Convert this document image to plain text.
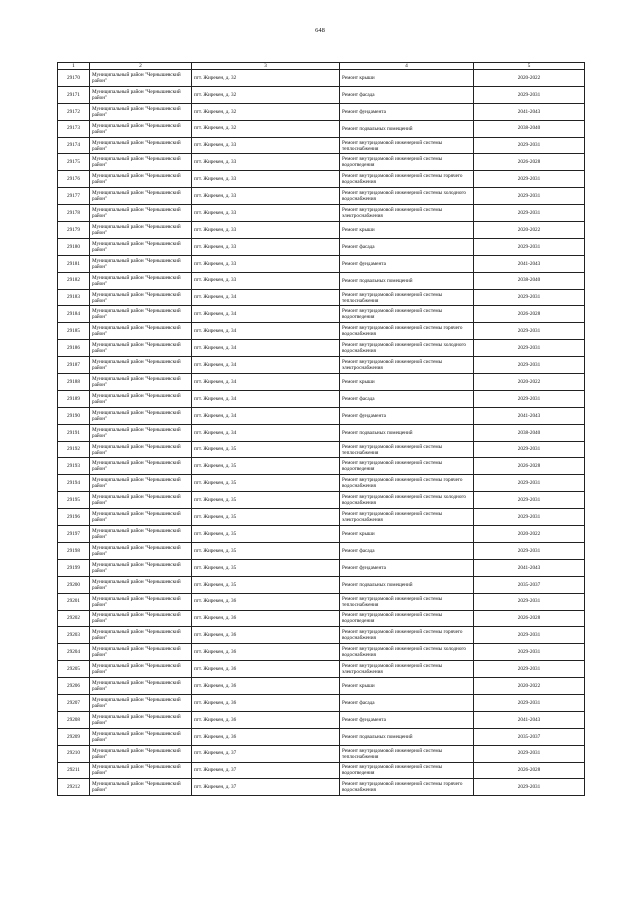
648
1	2	3	4	5
29170	Муниципальный район "Чернышевский район"	пгт. Жирекен, д. 32	Ремонт крыши	2020-2022
29171	Муниципальный район "Чернышевский район"	пгт. Жирекен, д. 32	Ремонт фасада	2029-2031
29172	Муниципальный район "Чернышевский район"	пгт. Жирекен, д. 32	Ремонт фундамента	2041-2043
29173	Муниципальный район "Чернышевский район"	пгт. Жирекен, д. 32	Ремонт подвальных помещений	2038-2040
29174	Муниципальный район "Чернышевский район"	пгт. Жирекен, д. 33	Ремонт внутридомовой инженерной системы теплоснабжения	2029-2031
29175	Муниципальный район "Чернышевский район"	пгт. Жирекен, д. 33	Ремонт внутридомовой инженерной системы водоотведения	2026-2028
29176	Муниципальный район "Чернышевский район"	пгт. Жирекен, д. 33	Ремонт внутридомовой инженерной системы горячего водоснабжения	2029-2031
29177	Муниципальный район "Чернышевский район"	пгт. Жирекен, д. 33	Ремонт внутридомовой инженерной системы холодного водоснабжения	2029-2031
29178	Муниципальный район "Чернышевский район"	пгт. Жирекен, д. 33	Ремонт внутридомовой инженерной системы электроснабжения	2029-2031
29179	Муниципальный район "Чернышевский район"	пгт. Жирекен, д. 33	Ремонт крыши	2020-2022
29180	Муниципальный район "Чернышевский район"	пгт. Жирекен, д. 33	Ремонт фасада	2029-2031
29181	Муниципальный район "Чернышевский район"	пгт. Жирекен, д. 33	Ремонт фундамента	2041-2043
29182	Муниципальный район "Чернышевский район"	пгт. Жирекен, д. 33	Ремонт подвальных помещений	2038-2040
29183	Муниципальный район "Чернышевский район"	пгт. Жирекен, д. 34	Ремонт внутридомовой инженерной системы теплоснабжения	2029-2031
29184	Муниципальный район "Чернышевский район"	пгт. Жирекен, д. 34	Ремонт внутридомовой инженерной системы водоотведения	2026-2028
29185	Муниципальный район "Чернышевский район"	пгт. Жирекен, д. 34	Ремонт внутридомовой инженерной системы горячего водоснабжения	2029-2031
29186	Муниципальный район "Чернышевский район"	пгт. Жирекен, д. 34	Ремонт внутридомовой инженерной системы холодного водоснабжения	2029-2031
29187	Муниципальный район "Чернышевский район"	пгт. Жирекен, д. 34	Ремонт внутридомовой инженерной системы электроснабжения	2029-2031
29188	Муниципальный район "Чернышевский район"	пгт. Жирекен, д. 34	Ремонт крыши	2020-2022
29189	Муниципальный район "Чернышевский район"	пгт. Жирекен, д. 34	Ремонт фасада	2029-2031
29190	Муниципальный район "Чернышевский район"	пгт. Жирекен, д. 34	Ремонт фундамента	2041-2043
29191	Муниципальный район "Чернышевский район"	пгт. Жирекен, д. 34	Ремонт подвальных помещений	2038-2040
29192	Муниципальный район "Чернышевский район"	пгт. Жирекен, д. 35	Ремонт внутридомовой инженерной системы теплоснабжения	2029-2031
29193	Муниципальный район "Чернышевский район"	пгт. Жирекен, д. 35	Ремонт внутридомовой инженерной системы водоотведения	2026-2028
29194	Муниципальный район "Чернышевский район"	пгт. Жирекен, д. 35	Ремонт внутридомовой инженерной системы горячего водоснабжения	2029-2031
29195	Муниципальный район "Чернышевский район"	пгт. Жирекен, д. 35	Ремонт внутридомовой инженерной системы холодного водоснабжения	2029-2031
29196	Муниципальный район "Чернышевский район"	пгт. Жирекен, д. 35	Ремонт внутридомовой инженерной системы электроснабжения	2029-2031
29197	Муниципальный район "Чернышевский район"	пгт. Жирекен, д. 35	Ремонт крыши	2020-2022
29198	Муниципальный район "Чернышевский район"	пгт. Жирекен, д. 35	Ремонт фасада	2029-2031
29199	Муниципальный район "Чернышевский район"	пгт. Жирекен, д. 35	Ремонт фундамента	2041-2043
29200	Муниципальный район "Чернышевский район"	пгт. Жирекен, д. 35	Ремонт подвальных помещений	2035-2037
29201	Муниципальный район "Чернышевский район"	пгт. Жирекен, д. 36	Ремонт внутридомовой инженерной системы теплоснабжения	2029-2031
29202	Муниципальный район "Чернышевский район"	пгт. Жирекен, д. 36	Ремонт внутридомовой инженерной системы водоотведения	2026-2028
29203	Муниципальный район "Чернышевский район"	пгт. Жирекен, д. 36	Ремонт внутридомовой инженерной системы горячего водоснабжения	2029-2031
29204	Муниципальный район "Чернышевский район"	пгт. Жирекен, д. 36	Ремонт внутридомовой инженерной системы холодного водоснабжения	2029-2031
29205	Муниципальный район "Чернышевский район"	пгт. Жирекен, д. 36	Ремонт внутридомовой инженерной системы электроснабжения	2029-2031
29206	Муниципальный район "Чернышевский район"	пгт. Жирекен, д. 36	Ремонт крыши	2020-2022
29207	Муниципальный район "Чернышевский район"	пгт. Жирекен, д. 36	Ремонт фасада	2029-2031
29208	Муниципальный район "Чернышевский район"	пгт. Жирекен, д. 36	Ремонт фундамента	2041-2043
29209	Муниципальный район "Чернышевский район"	пгт. Жирекен, д. 36	Ремонт подвальных помещений	2035-2037
29210	Муниципальный район "Чернышевский район"	пгт. Жирекен, д. 37	Ремонт внутридомовой инженерной системы теплоснабжения	2029-2031
29211	Муниципальный район "Чернышевский район"	пгт. Жирекен, д. 37	Ремонт внутридомовой инженерной системы водоотведения	2026-2028
29212	Муниципальный район "Чернышевский район"	пгт. Жирекен, д. 37	Ремонт внутридомовой инженерной системы горячего водоснабжения	2029-2031
